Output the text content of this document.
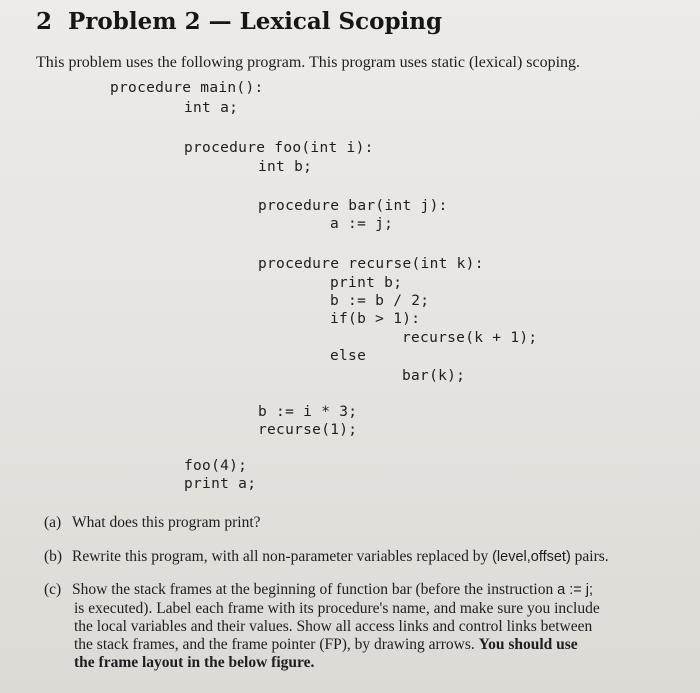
2 Problem 2 — Lexical Scoping
This problem uses the following program. This program uses static (lexical) scoping.

procedure main():

int a;

procedure foo(int i):

int b;

procedure bar(int j):

a := j;

procedure recurse(int k):

print b;

b := b / 2;

if(b > 1):

recurse(k + 1);

else

bar(k);

b := i * 3;

recurse(1);

foo(4);

print a;

(a) What does this program print?
(b) Rewrite this program, with all non-parameter variables replaced by (level,offset) pairs.
(c) Show the stack frames at the beginning of function bar (before the instruction a := j;
is executed). Label each frame with its procedure's name, and make sure you include
the local variables and their values. Show all access links and control links between
the stack frames, and the frame pointer (FP), by drawing arrows. You should use
the frame layout in the below figure.
